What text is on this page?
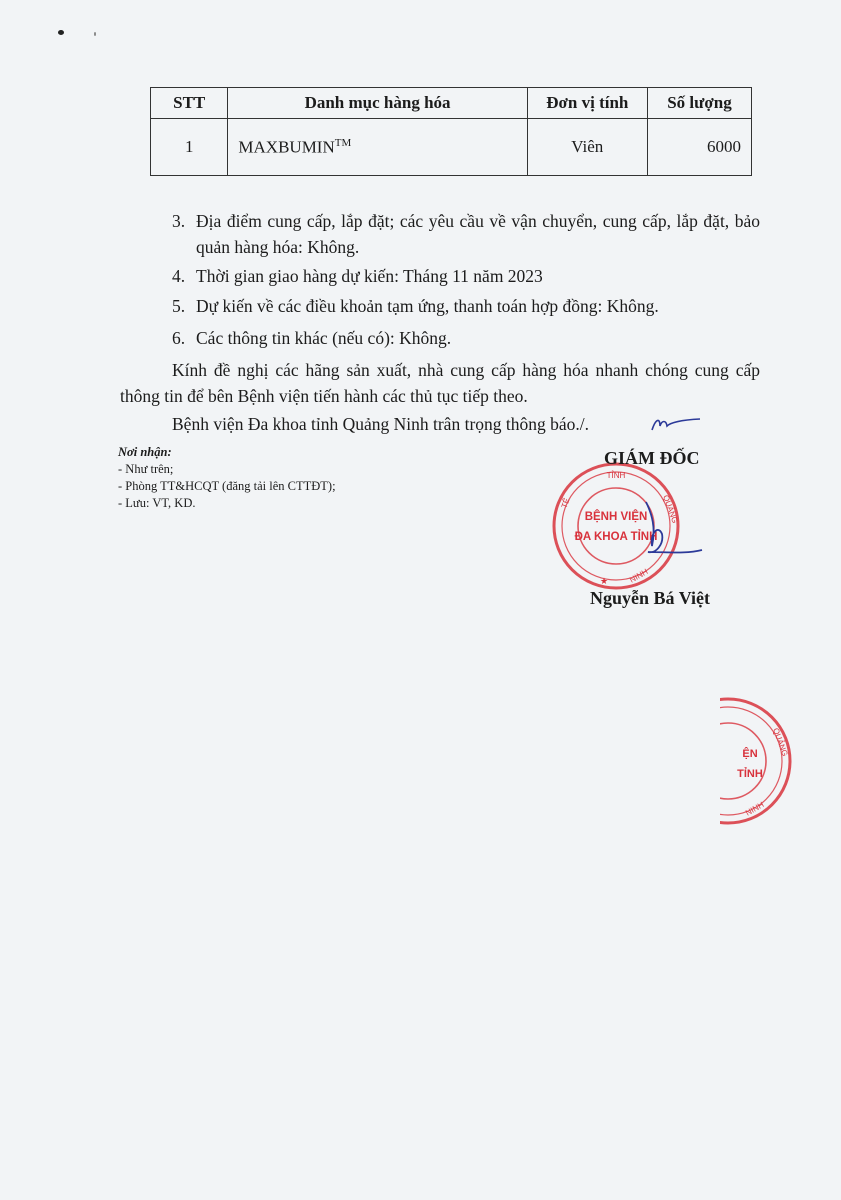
STT	Danh mục hàng hóa	Đơn vị tính	Số lượng
1	MAXBUMIN™	Viên	6000
3. Địa điểm cung cấp, lắp đặt; các yêu cầu về vận chuyển, cung cấp, lắp đặt, bảo quản hàng hóa: Không.
4. Thời gian giao hàng dự kiến: Tháng 11 năm 2023
5. Dự kiến về các điều khoản tạm ứng, thanh toán hợp đồng: Không.
6. Các thông tin khác (nếu có): Không.
Kính đề nghị các hãng sản xuất, nhà cung cấp hàng hóa nhanh chóng cung cấp thông tin để bên Bệnh viện tiến hành các thủ tục tiếp theo.
Bệnh viện Đa khoa tỉnh Quảng Ninh trân trọng thông báo./.
Nơi nhận:
- Như trên;
- Phòng TT&HCQT (đăng tải lên CTTĐT);
- Lưu: VT, KD.
TỈNH
QUẢNG
NINH
TẾ
★
BỆNH VIỆN
ĐA KHOA TỈNH
GIÁM ĐỐC
Nguyễn Bá Việt
QUẢNG
NINH
ỆN
TỈNH
